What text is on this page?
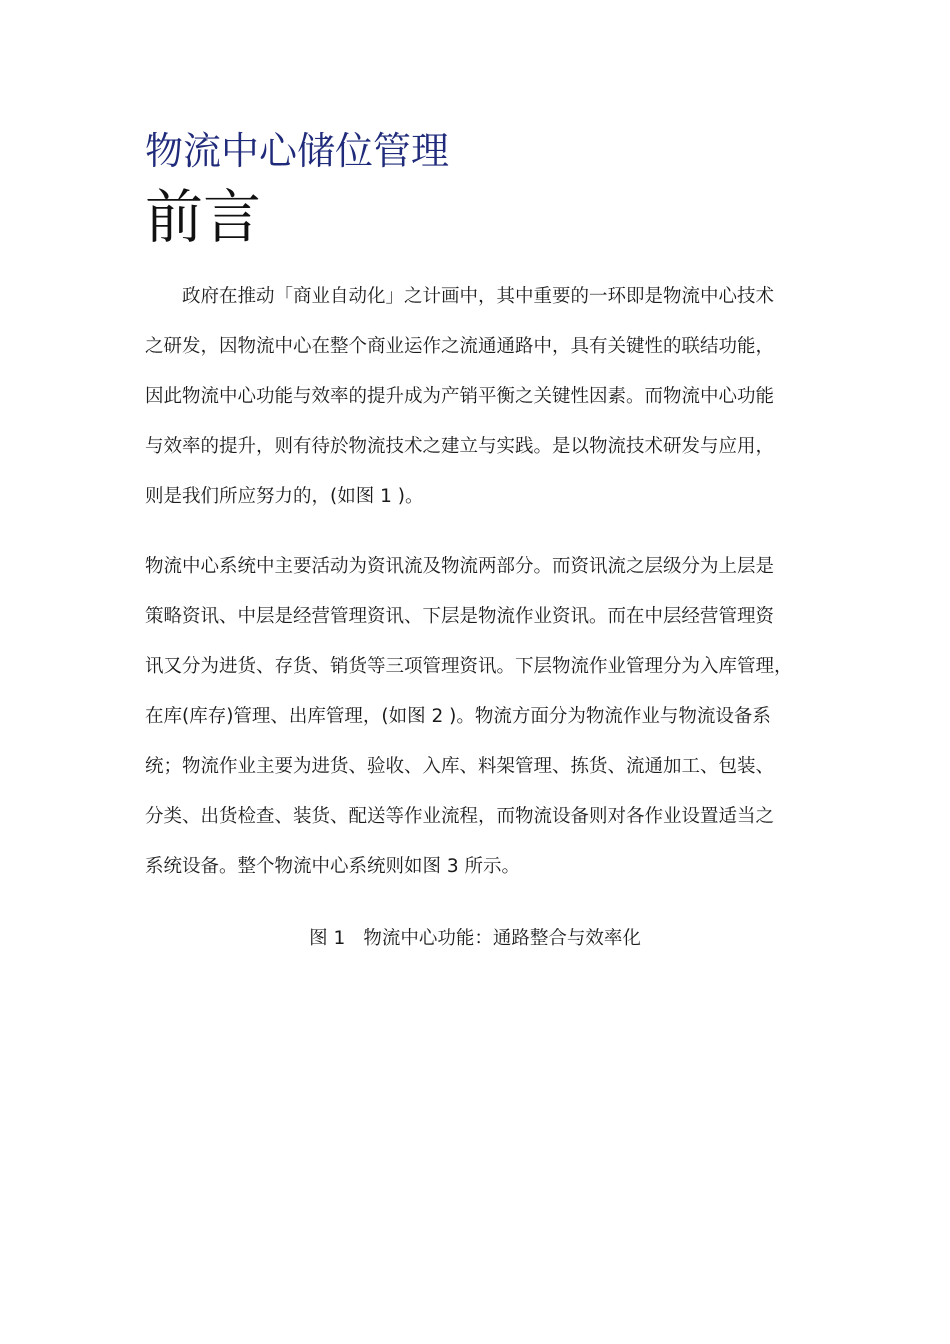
物流中心储位管理
前言

政府在推动「商业自动化」之计画中，其中重要的一环即是物流中心技术
之研发，因物流中心在整个商业运作之流通通路中，具有关键性的联结功能，
因此物流中心功能与效率的提升成为产销平衡之关键性因素。而物流中心功能
与效率的提升，则有待於物流技术之建立与实践。是以物流技术研发与应用，
则是我们所应努力的，(如图 1 )。

物流中心系统中主要活动为资讯流及物流两部分。而资讯流之层级分为上层是
策略资讯、中层是经营管理资讯、下层是物流作业资讯。而在中层经营管理资
讯又分为进货、存货、销货等三项管理资讯。下层物流作业管理分为入库管理，
在库(库存)管理、出库管理，(如图 2 )。物流方面分为物流作业与物流设备系
统；物流作业主要为进货、验收、入库、料架管理、拣货、流通加工、包装、
分类、出货检查、装货、配送等作业流程，而物流设备则对各作业设置适当之
系统设备。整个物流中心系统则如图 3 所示。

图 1 物流中心功能：通路整合与效率化
